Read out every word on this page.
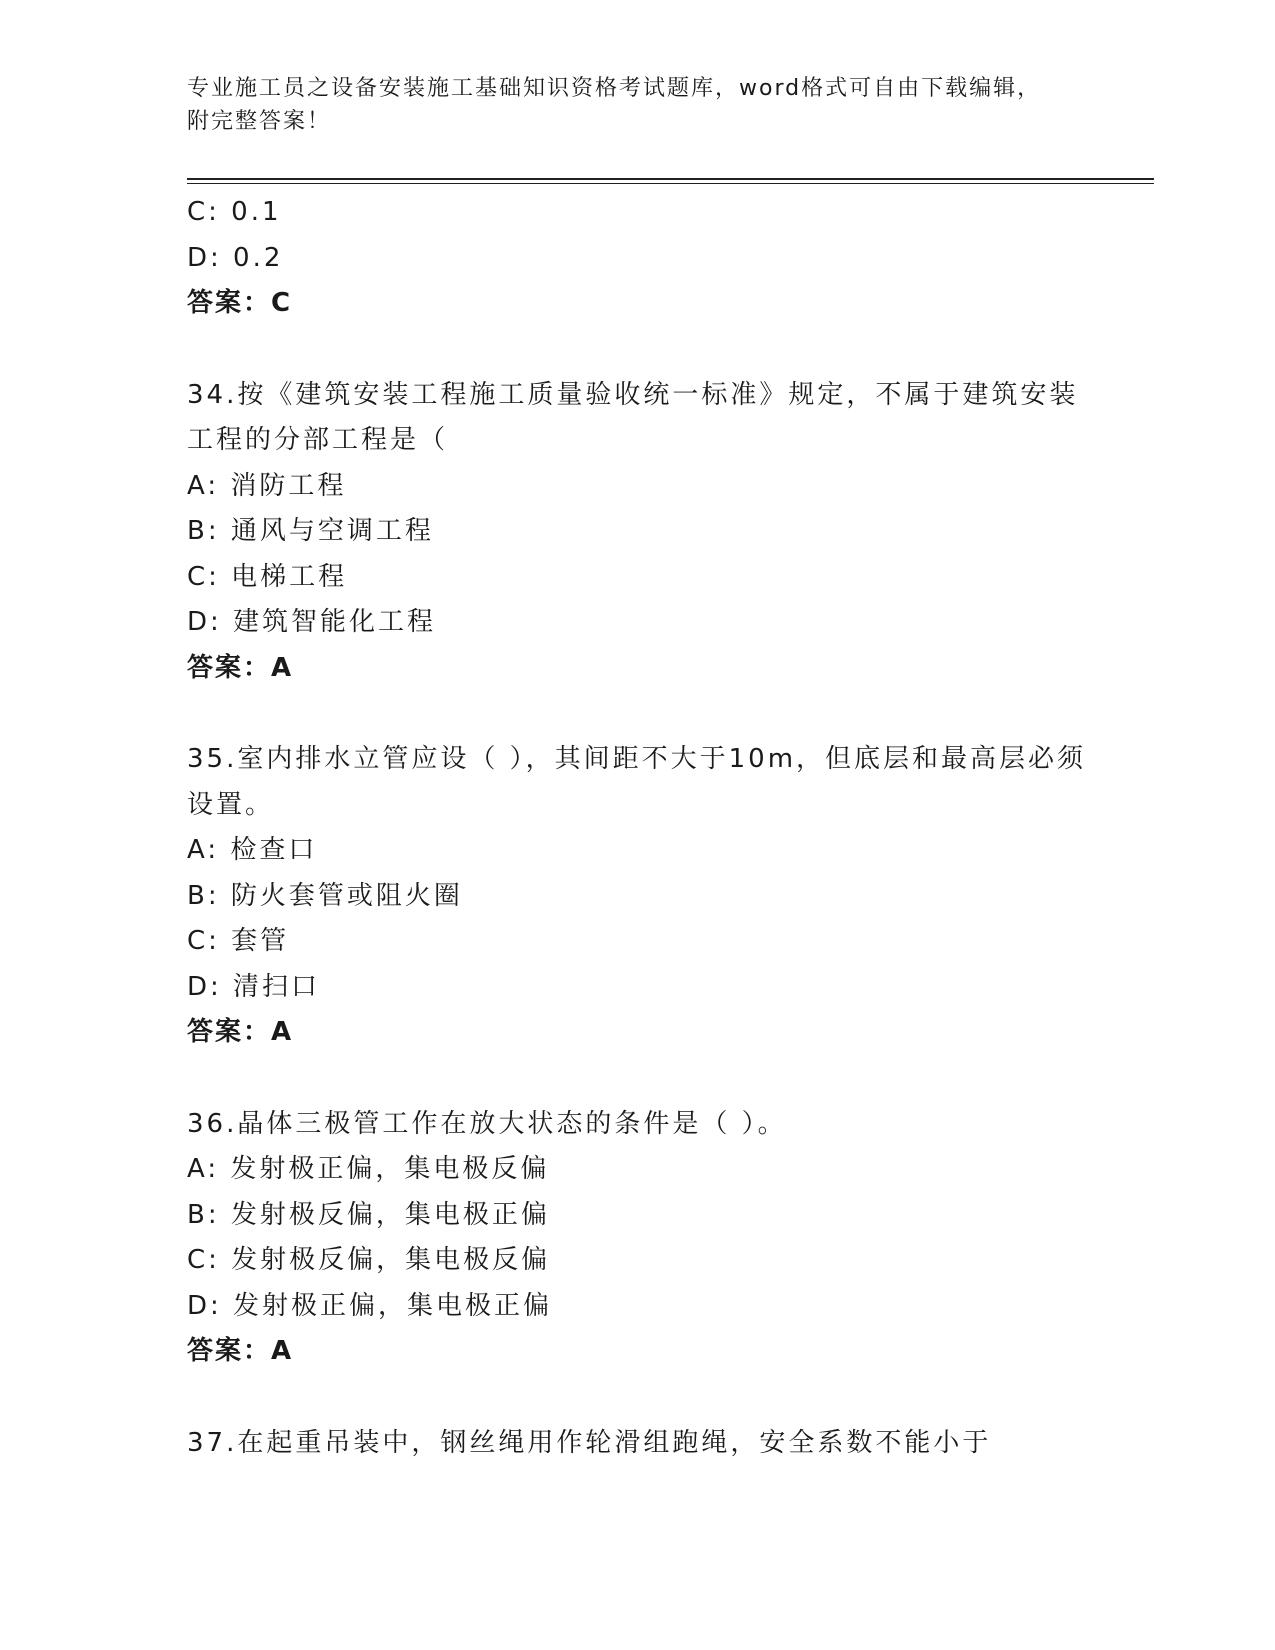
专业施工员之设备安装施工基础知识资格考试题库，word格式可自由下载编辑，
附完整答案！
C: 0.1
D: 0.2
答案：C
34.按《建筑安装工程施工质量验收统一标准》规定，不属于建筑安装
工程的分部工程是（
A: 消防工程
B: 通风与空调工程
C: 电梯工程
D: 建筑智能化工程
答案：A
35.室内排水立管应设（ ），其间距不大于10m，但底层和最高层必须
设置。
A: 检查口
B: 防火套管或阻火圈
C: 套管
D: 清扫口
答案：A
36.晶体三极管工作在放大状态的条件是（ ）。
A: 发射极正偏，集电极反偏
B: 发射极反偏，集电极正偏
C: 发射极反偏，集电极反偏
D: 发射极正偏，集电极正偏
答案：A
37.在起重吊装中，钢丝绳用作轮滑组跑绳，安全系数不能小于
